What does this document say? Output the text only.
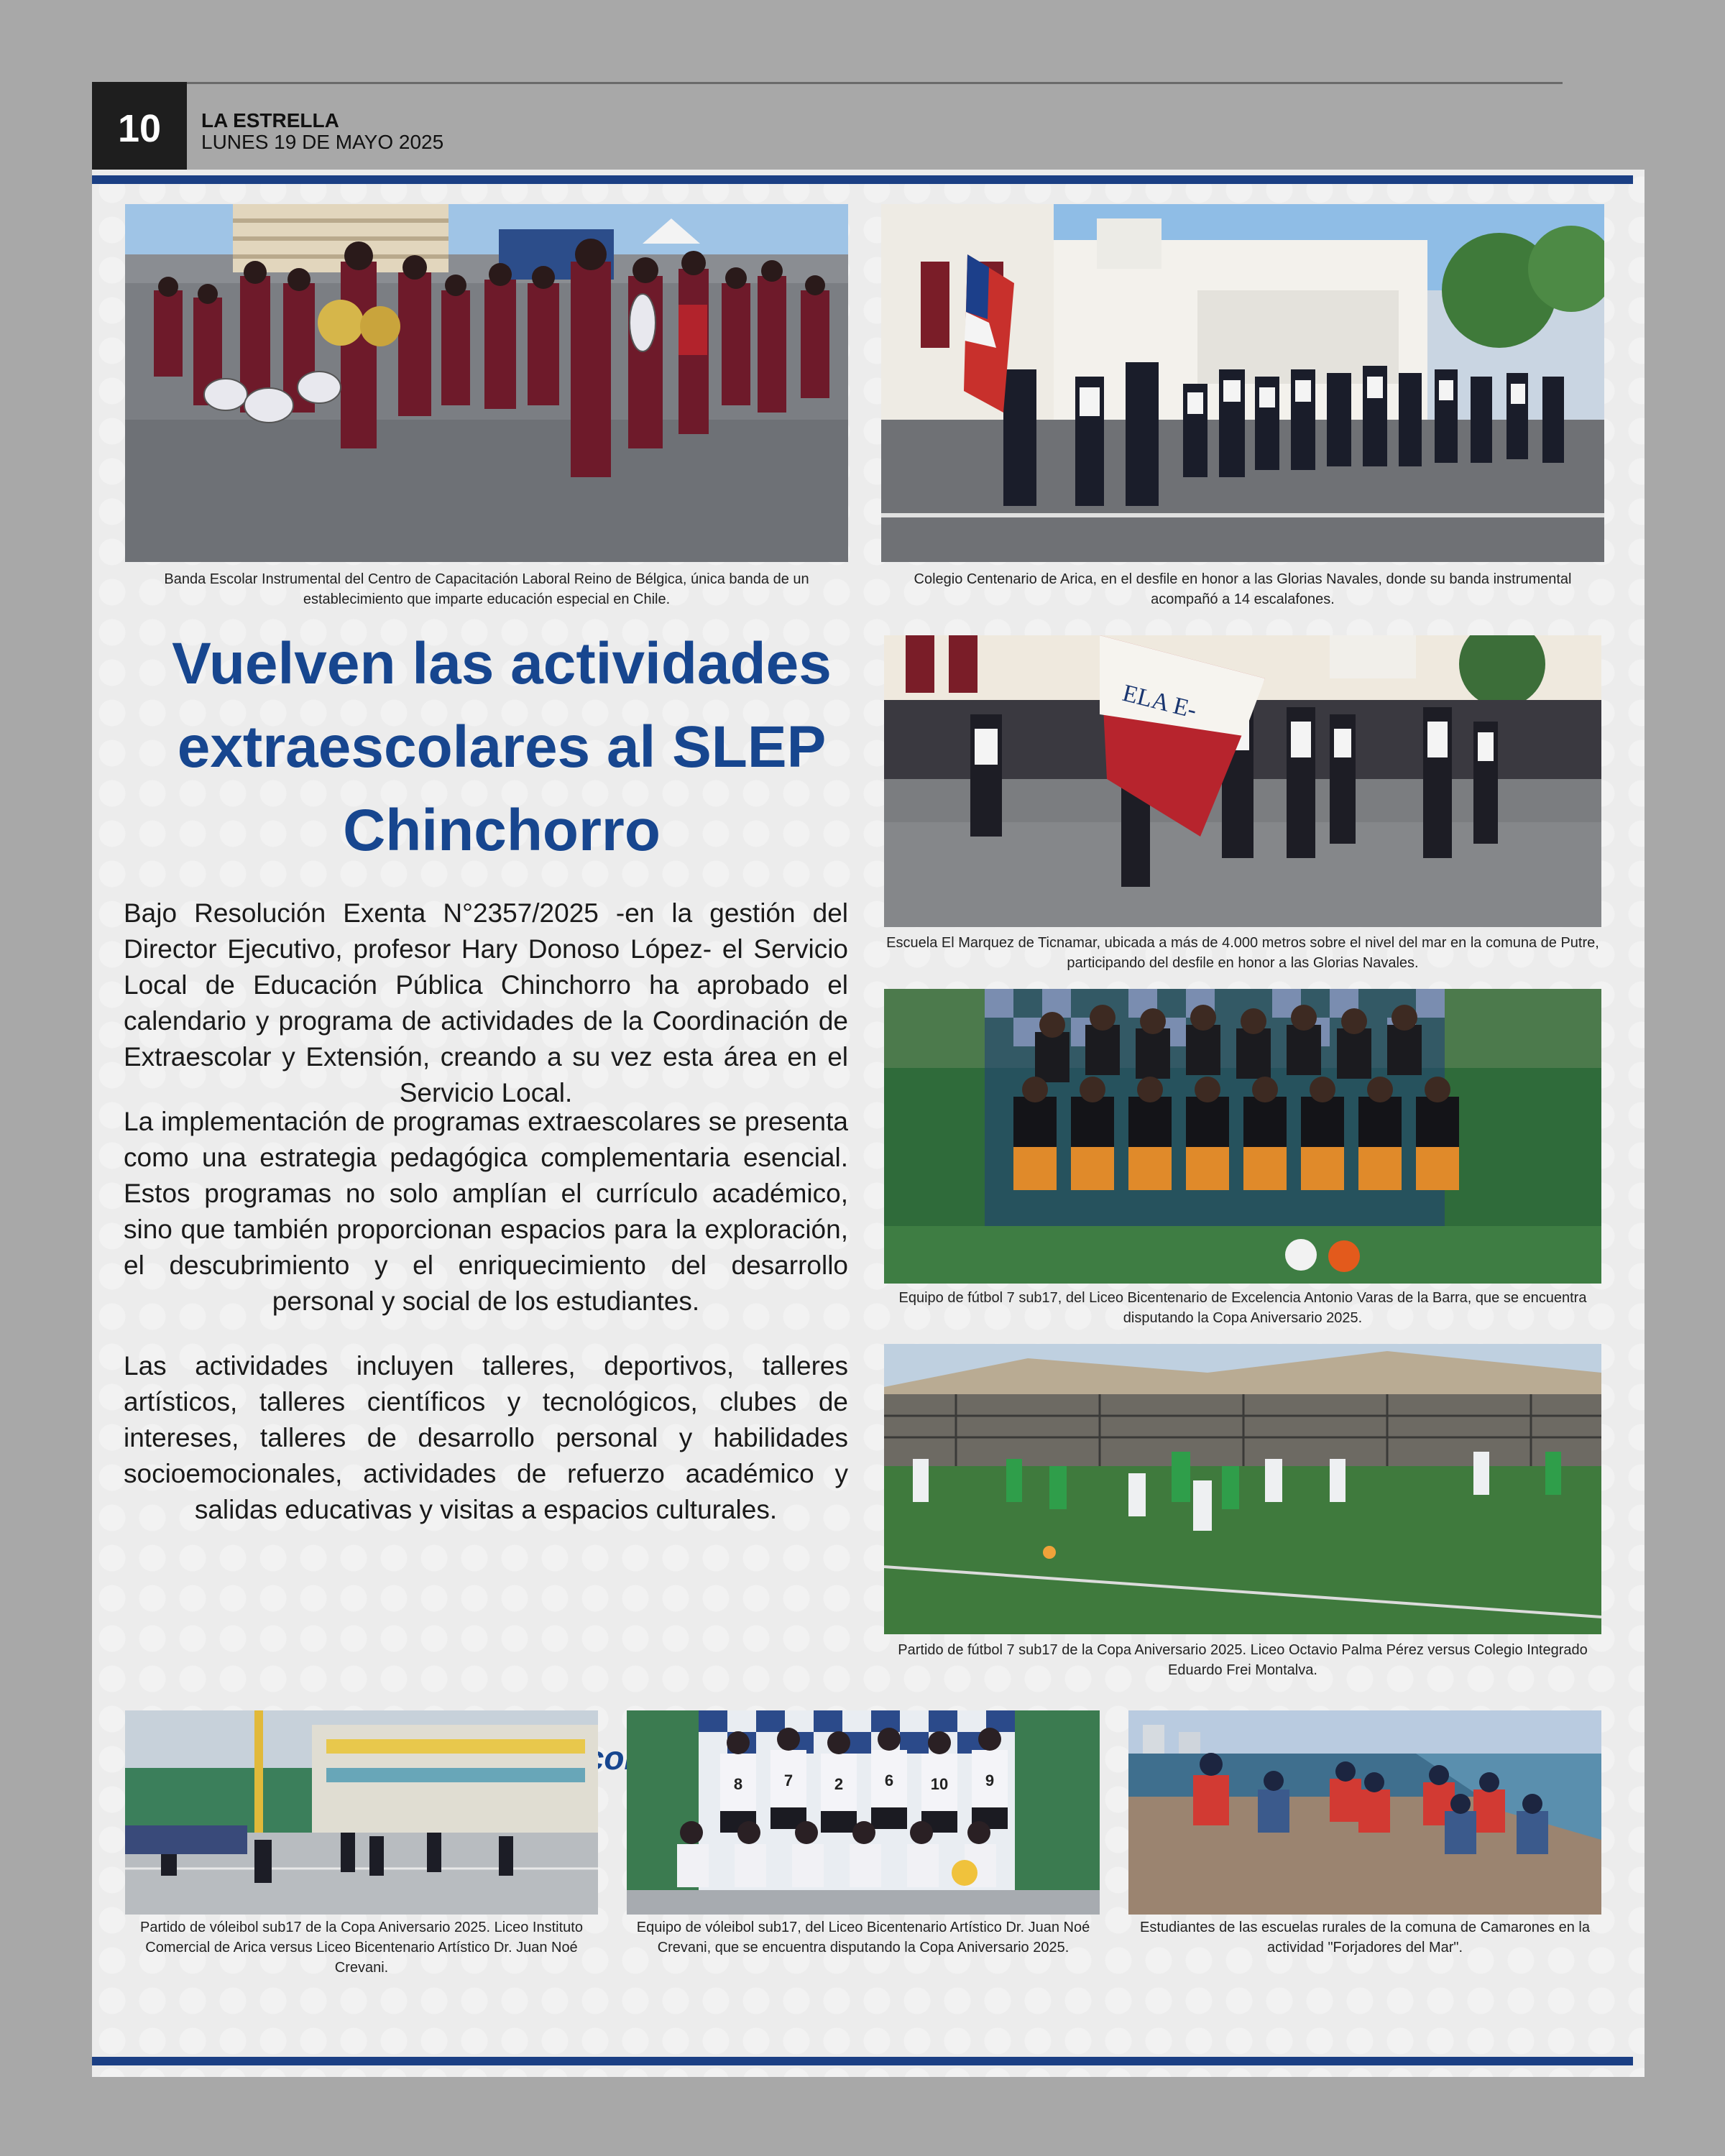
10	LA ESTRELLA
LUNES 19 DE MAYO 2025
Banda Escolar Instrumental del Centro de Capacitación Laboral Reino de Bélgica, única banda de un establecimiento que imparte educación especial en Chile.
Colegio Centenario de Arica, en el desfile en honor a las Glorias Navales, donde su banda instrumental acompañó a 14 escalafones.
ELA E-
Escuela El Marquez de Ticnamar, ubicada a más de 4.000 metros sobre el nivel del mar en la comuna de Putre, participando del desfile en honor a las Glorias Navales.
Equipo de fútbol 7 sub17, del Liceo Bicentenario de Excelencia Antonio Varas de la Barra, que se encuentra disputando la Copa Aniversario 2025.
Partido de fútbol 7 sub17 de la Copa Aniversario 2025. Liceo Octavio Palma Pérez versus Colegio Integrado Eduardo Frei Montalva.
Vuelven las actividades extraescolares al SLEP Chinchorro
Bajo Resolución Exenta N°2357/2025 -en la gestión del Director Ejecutivo, profesor Hary Donoso López- el Servicio Local de Educación Pública Chinchorro ha aprobado el calendario y programa de actividades de la Coordinación de Extraescolar y Extensión, creando a su vez esta área en el Servicio Local.
La implementación de programas extraescolares se presenta como una estrategia pedagógica complementaria esencial. Estos programas no solo amplían el currículo académico, sino que también proporcionan espacios para la exploración, el descubrimiento y el enriquecimiento del desarrollo personal y social de los estudiantes.
Las actividades incluyen talleres, deportivos, talleres artísticos, talleres científicos y tecnológicos, clubes de intereses, talleres de desarrollo personal y habilidades socioemocionales, actividades de refuerzo académico y salidas educativas y visitas a espacios culturales.
Partido de vóleibol sub17 de la Copa Aniversario 2025. Liceo Instituto Comercial de Arica versus Liceo Bicentenario Artístico Dr. Juan Noé Crevani.
8	7	2	6 10 9
Equipo de vóleibol sub17, del Liceo Bicentenario Artístico Dr. Juan Noé Crevani, que se encuentra disputando la Copa Aniversario 2025.
Estudiantes de las escuelas rurales de la comuna de Camarones en la actividad "Forjadores del Mar".
